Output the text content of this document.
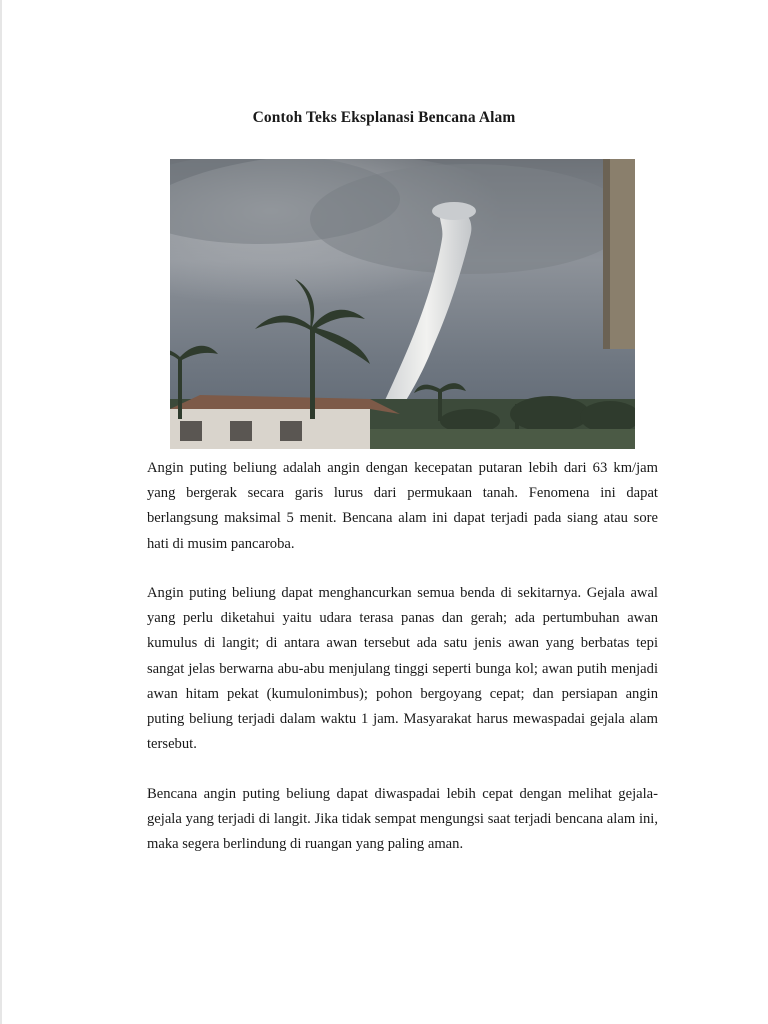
Contoh Teks Eksplanasi Bencana Alam

Angin puting beliung adalah angin dengan kecepatan putaran lebih dari 63 km/jam yang bergerak secara garis lurus dari permukaan tanah. Fenomena ini dapat berlangsung maksimal 5 menit. Bencana alam ini dapat terjadi pada siang atau sore hati di musim pancaroba.

Angin puting beliung dapat menghancurkan semua benda di sekitarnya. Gejala awal yang perlu diketahui yaitu udara terasa panas dan gerah; ada pertumbuhan awan kumulus di langit; di antara awan tersebut ada satu jenis awan yang berbatas tepi sangat jelas berwarna abu-abu menjulang tinggi seperti bunga kol; awan putih menjadi awan hitam pekat (kumulonimbus); pohon bergoyang cepat; dan persiapan angin puting beliung terjadi dalam waktu 1 jam. Masyarakat harus mewaspadai gejala alam tersebut.

Bencana angin puting beliung dapat diwaspadai lebih cepat dengan melihat gejala-gejala yang terjadi di langit. Jika tidak sempat mengungsi saat terjadi bencana alam ini, maka segera berlindung di ruangan yang paling aman.
